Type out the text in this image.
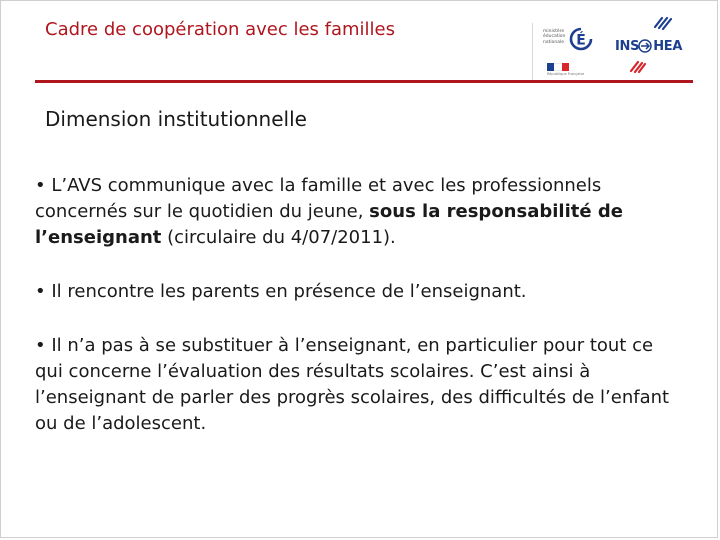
Cadre de coopération avec les familles	ministère
éducation
nationale É
République Française
INS HEA
Dimension institutionnelle

• L’AVS communique avec la famille et avec les professionnels concernés sur le quotidien du jeune, sous la responsabilité de l’enseignant (circulaire du 4/07/2011).

• Il rencontre les parents en présence de l’enseignant.

• Il n’a pas à se substituer à l’enseignant, en particulier pour tout ce qui concerne l’évaluation des résultats scolaires. C’est ainsi à l’enseignant de parler des progrès scolaires, des difficultés de l’enfant ou de l’adolescent.
